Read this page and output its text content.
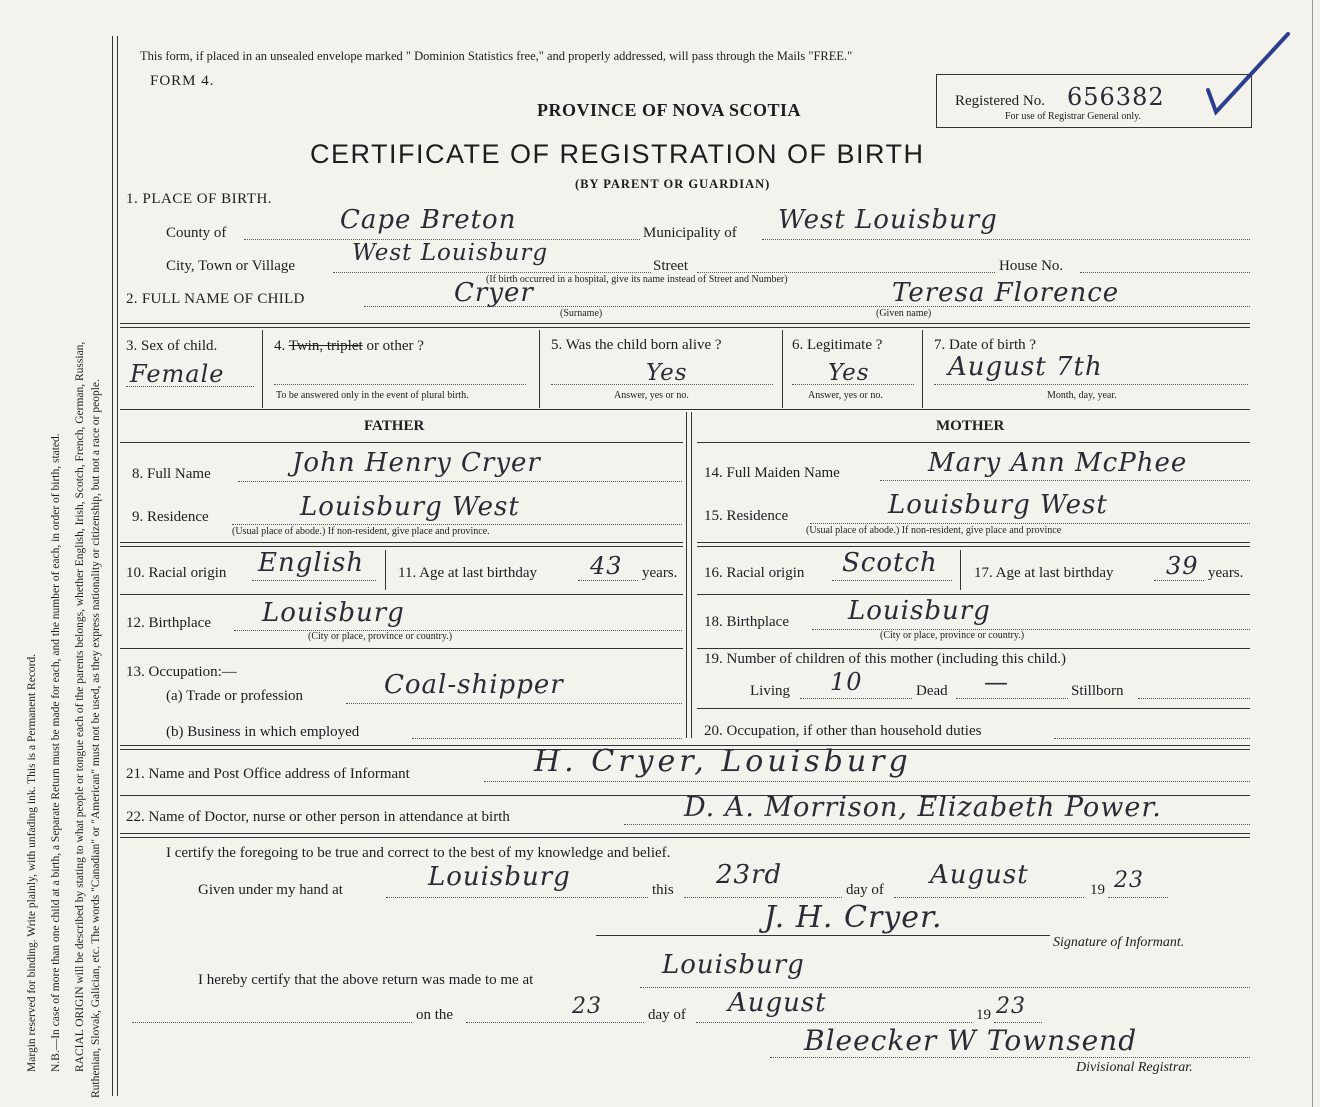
Margin reserved for binding. Write plainly, with unfading ink. This is a Permanent Record. N.B.—In case of more than one child at a birth, a Separate Return must be made for each, and the number of each, in order of birth, stated. RACIAL ORIGIN will be described by stating to what people or tongue each of the parents belongs, whether English, Irish, Scotch, French, German, Russian, Ruthenian, Slovak, Galician, etc. The words "Canadian" or "American" must not be used, as they express nationality or citizenship, but not a race or people.
This form, if placed in an unsealed envelope marked " Dominion Statistics free," and properly addressed, will pass through the Mails "FREE."
FORM 4.
PROVINCE OF NOVA SCOTIA	Registered No. 656382
For use of Registrar General only.
CERTIFICATE OF REGISTRATION OF BIRTH
(BY PARENT OR GUARDIAN)
1. PLACE OF BIRTH.
County of	Cape Breton	Municipality of West Louisburg
City, Town or Village West Louisburg	Street	House No.
(If birth occurred in a hospital, give its name instead of Street and Number)
2. FULL NAME OF CHILD	Cryer
(Surname)
Teresa Florence
(Given name)
3. Sex of child.
Female
4. Twin, triplet or other ?
To be answered only in the event of plural birth.
5. Was the child born alive ?
Yes
Answer, yes or no.
6. Legitimate ?
Yes
Answer, yes or no.
7. Date of birth ?
August 7th
Month, day, year.
FATHER	MOTHER
8. Full Name	John Henry Cryer
9. Residence	Louisburg West
(Usual place of abode.) If non-resident, give place and province.
10. Racial origin English 11. Age at last birthday 43 years.
12. Birthplace Louisburg
(City or place, province or country.)
13. Occupation:—
(a) Trade or profession	Coal-shipper
(b) Business in which employed
14. Full Maiden Name	Mary Ann McPhee
15. Residence	Louisburg West
(Usual place of abode.) If non-resident, give place and province
16. Racial origin Scotch 17. Age at last birthday 39 years.
18. Birthplace Louisburg
(City or place, province or country.)
19. Number of children of this mother (including this child.)
Living 10	Dead —	Stillborn
20. Occupation, if other than household duties
21. Name and Post Office address of Informant	H. Cryer, Louisburg
22. Name of Doctor, nurse or other person in attendance at birth	D. A. Morrison, Elizabeth Power.
I certify the foregoing to be true and correct to the best of my knowledge and belief.
Given under my hand at	Louisburg	this 23rd	day of August	19 23
J. H. Cryer.
Signature of Informant.
I hereby certify that the above return was made to me at	Louisburg
on the	23	day of August	19 23
Bleecker W Townsend
Divisional Registrar.
